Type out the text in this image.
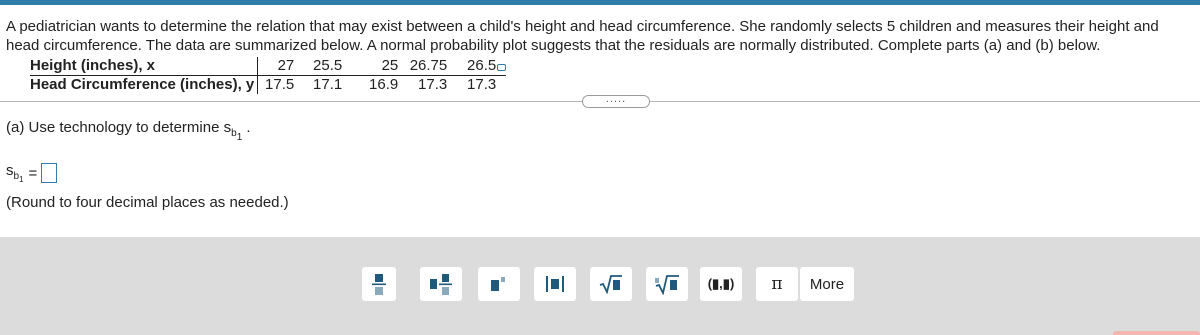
A pediatrician wants to determine the relation that may exist between a child's height and head circumference. She randomly selects 5 children and measures their height and head circumference. The data are summarized below. A normal probability plot suggests that the residuals are normally distributed. Complete parts (a) and (b) below.

Height (inches), x	27	25.5	25	26.75	26.5
Head Circumference (inches), y	17.5	17.1	16.9	17.3	17.3
.....

(a) Use technology to determine $s_{b_1}$ .

$s_{b_1}$ =

(Round to four decimal places as needed.)

(▮,▮) π More
